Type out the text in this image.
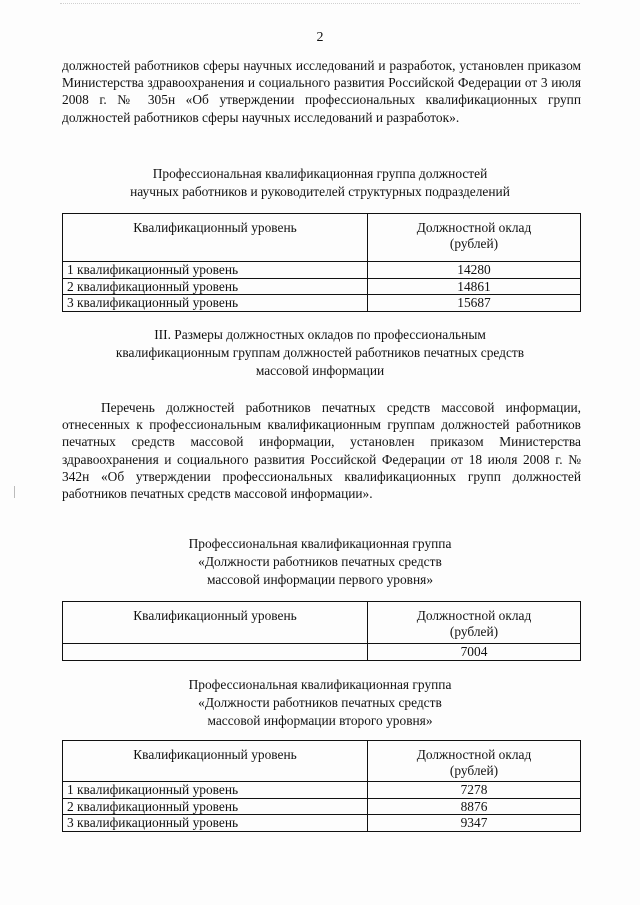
2
должностей работников сферы научных исследований и разработок, установлен приказом Министерства здравоохранения и социального развития Российской Федерации от 3 июля 2008 г. № 305н «Об утверждении профессиональных квалификационных групп должностей работников сферы научных исследований и разработок».
Профессиональная квалификационная группа должностей
научных работников и руководителей структурных подразделений
Квалификационный уровень	Должностной оклад
(рублей)

1 квалификационный уровень	14280
2 квалификационный уровень	14861
3 квалификационный уровень	15687
III. Размеры должностных окладов по профессиональным
квалификационным группам должностей работников печатных средств
массовой информации
Перечень должностей работников печатных средств массовой информации, отнесенных к профессиональным квалификационным группам должностей работников печатных средств массовой информации, установлен приказом Министерства здравоохранения и социального развития Российской Федерации от 18 июля 2008 г. № 342н «Об утверждении профессиональных квалификационных групп должностей работников печатных средств массовой информации».
Профессиональная квалификационная группа
«Должности работников печатных средств
массовой информации первого уровня»
Квалификационный уровень	Должностной оклад
(рублей)

	7004
Профессиональная квалификационная группа
«Должности работников печатных средств
массовой информации второго уровня»
Квалификационный уровень	Должностной оклад
(рублей)

1 квалификационный уровень	7278
2 квалификационный уровень	8876
3 квалификационный уровень	9347
